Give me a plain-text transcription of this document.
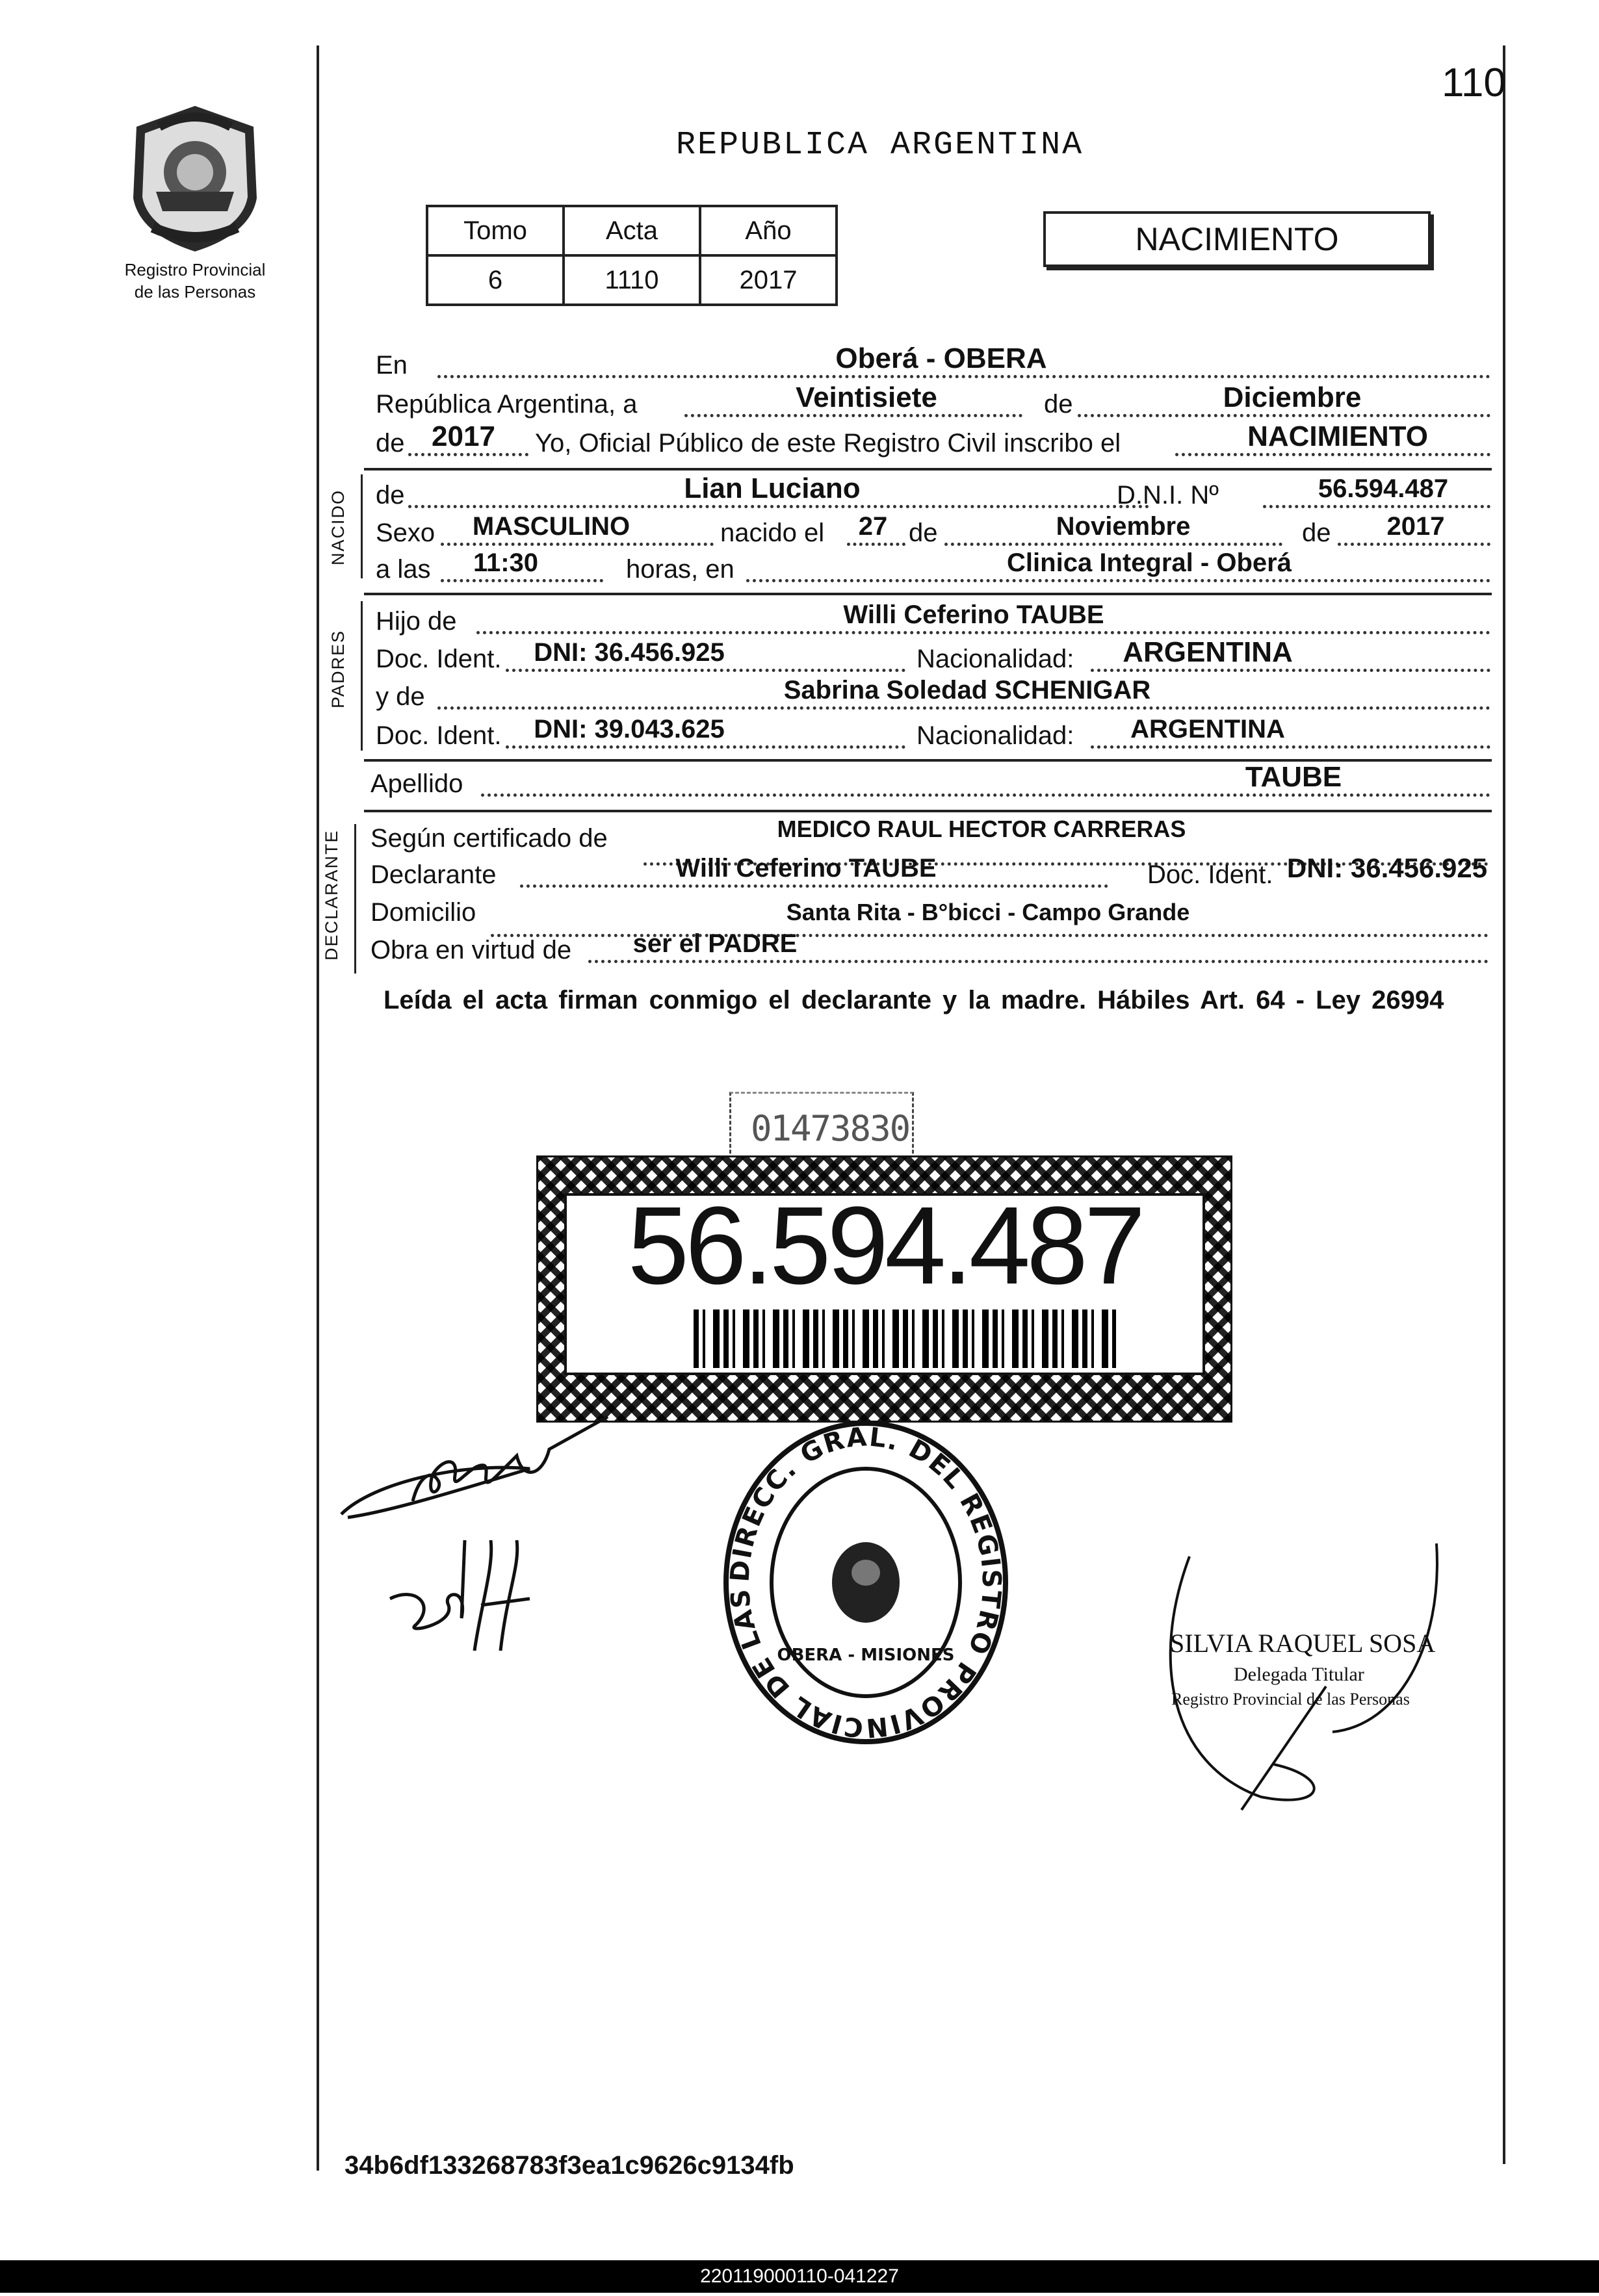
110
Registro Provincial
de las Personas
REPUBLICA ARGENTINA
Tomo	Acta	Año
6	1110	2017
NACIMIENTO
En	Oberá - OBERA
República Argentina, a	Veintisiete	de	Diciembre
de 2017	Yo, Oficial Público de este Registro Civil inscribo el	NACIMIENTO
NACIDO de	Lian Luciano	D.N.I. Nº	56.594.487
Sexo	MASCULINO	nacido el	27 de	Noviembre	de	2017
a las	11:30	horas, en	Clinica Integral - Oberá
PADRES
Hijo de	Willi Ceferino TAUBE
Doc. Ident.	DNI: 36.456.925	Nacionalidad:	ARGENTINA
y de	Sabrina Soledad SCHENIGAR
Doc. Ident.	DNI: 39.043.625	Nacionalidad:	ARGENTINA
Apellido	TAUBE
DECLARANTE Según certificado de	MEDICO RAUL HECTOR CARRERAS
Declarante	Willi Ceferino TAUBE	Doc. Ident. DNI: 36.456.925
Domicilio	Santa Rita - B°bicci - Campo Grande
Obra en virtud de	ser el PADRE
Leída el acta firman conmigo el declarante y la madre. Hábiles Art. 64 - Ley 26994
01473830
56.594.487
DIRECC. GRAL. DEL REGISTRO PROVINCIAL DE LAS
OBERA - MISIONES	SILVIA RAQUEL SOSA
Delegada Titular
Registro Provincial de las Personas
34b6df133268783f3ea1c9626c9134fb
220119000110-041227
